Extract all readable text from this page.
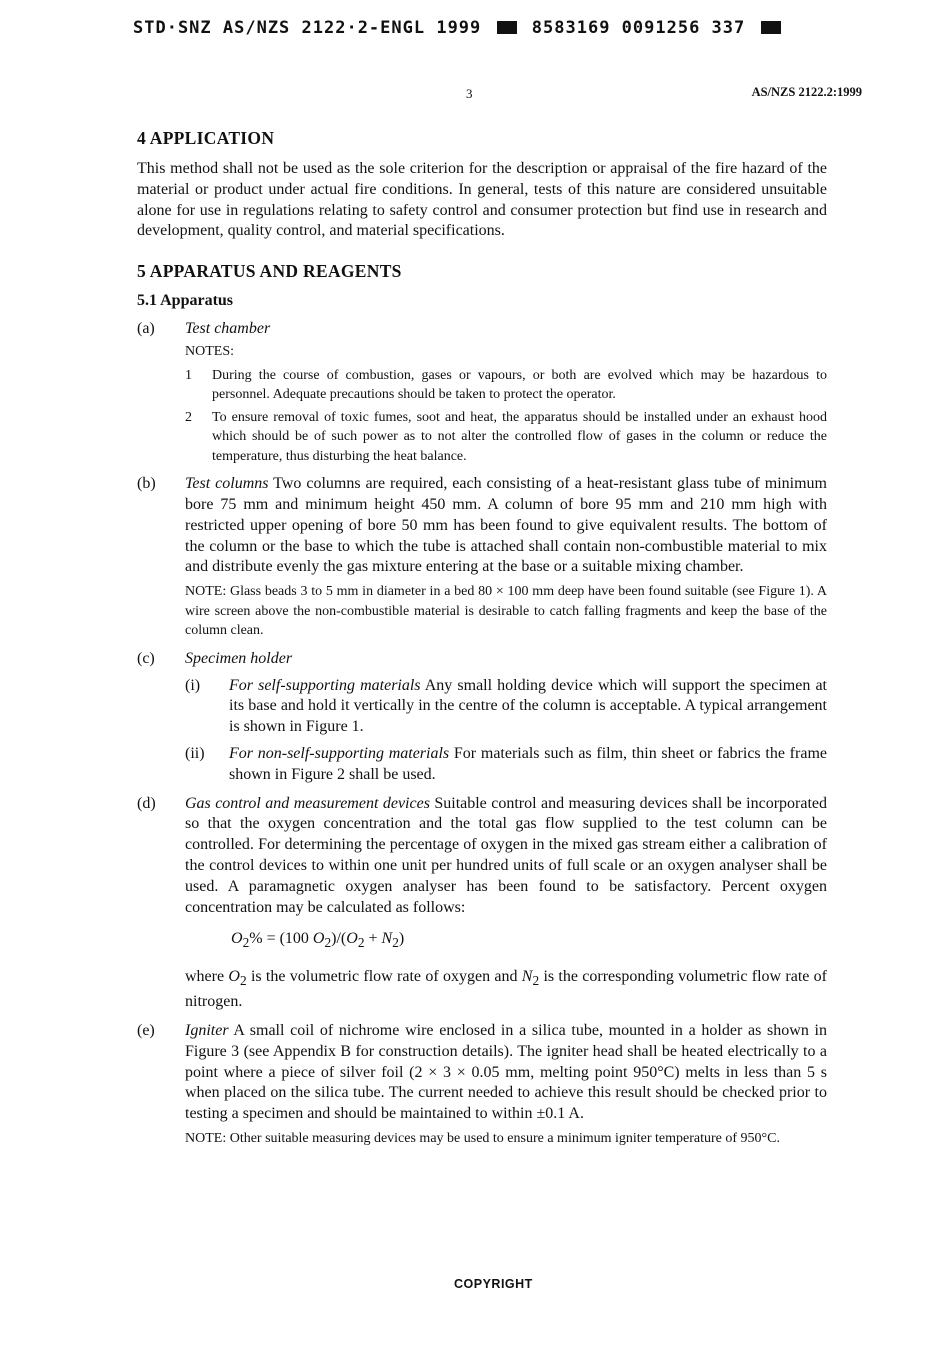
STD·SNZ AS/NZS 2122·2-ENGL 1999	8583169 0091256 337
3	AS/NZS 2122.2:1999
4 APPLICATION

This method shall not be used as the sole criterion for the description or appraisal of the fire hazard of the material or product under actual fire conditions. In general, tests of this nature are considered unsuitable alone for use in regulations relating to safety control and consumer protection but find use in research and development, quality control, and material specifications.

5 APPARATUS AND REAGENTS
5.1 Apparatus
(a)	Test chamber
NOTES:
1	During the course of combustion, gases or vapours, or both are evolved which may be hazardous to personnel. Adequate precautions should be taken to protect the operator.
2	To ensure removal of toxic fumes, soot and heat, the apparatus should be installed under an exhaust hood which should be of such power as to not alter the controlled flow of gases in the column or reduce the temperature, thus disturbing the heat balance.
(b)	Test columns Two columns are required, each consisting of a heat-resistant glass tube of minimum bore 75 mm and minimum height 450 mm. A column of bore 95 mm and 210 mm high with restricted upper opening of bore 50 mm has been found to give equivalent results. The bottom of the column or the base to which the tube is attached shall contain non-combustible material to mix and distribute evenly the gas mixture entering at the base or a suitable mixing chamber.

NOTE: Glass beads 3 to 5 mm in diameter in a bed 80 × 100 mm deep have been found suitable (see Figure 1). A wire screen above the non-combustible material is desirable to catch falling fragments and keep the base of the column clean.

(c)	Specimen holder
(i)	For self-supporting materials Any small holding device which will support the specimen at its base and hold it vertically in the centre of the column is acceptable. A typical arrangement is shown in Figure 1.
(ii)	For non-self-supporting materials For materials such as film, thin sheet or fabrics the frame shown in Figure 2 shall be used.
(d)	Gas control and measurement devices Suitable control and measuring devices shall be incorporated so that the oxygen concentration and the total gas flow supplied to the test column can be controlled. For determining the percentage of oxygen in the mixed gas stream either a calibration of the control devices to within one unit per hundred units of full scale or an oxygen analyser shall be used. A paramagnetic oxygen analyser has been found to be satisfactory. Percent oxygen concentration may be calculated as follows:

$O_2\% = (100$ $O_2)/(O_2 + N_2)$

where $O_2$ is the volumetric flow rate of oxygen and $N_2$ is the corresponding volumetric flow rate of nitrogen.

(e)	Igniter A small coil of nichrome wire enclosed in a silica tube, mounted in a holder as shown in Figure 3 (see Appendix B for construction details). The igniter head shall be heated electrically to a point where a piece of silver foil (2 × 3 × 0.05 mm, melting point 950°C) melts in less than 5 s when placed on the silica tube. The current needed to achieve this result should be checked prior to testing a specimen and should be maintained to within ±0.1 A.

NOTE: Other suitable measuring devices may be used to ensure a minimum igniter temperature of 950°C.

COPYRIGHT
